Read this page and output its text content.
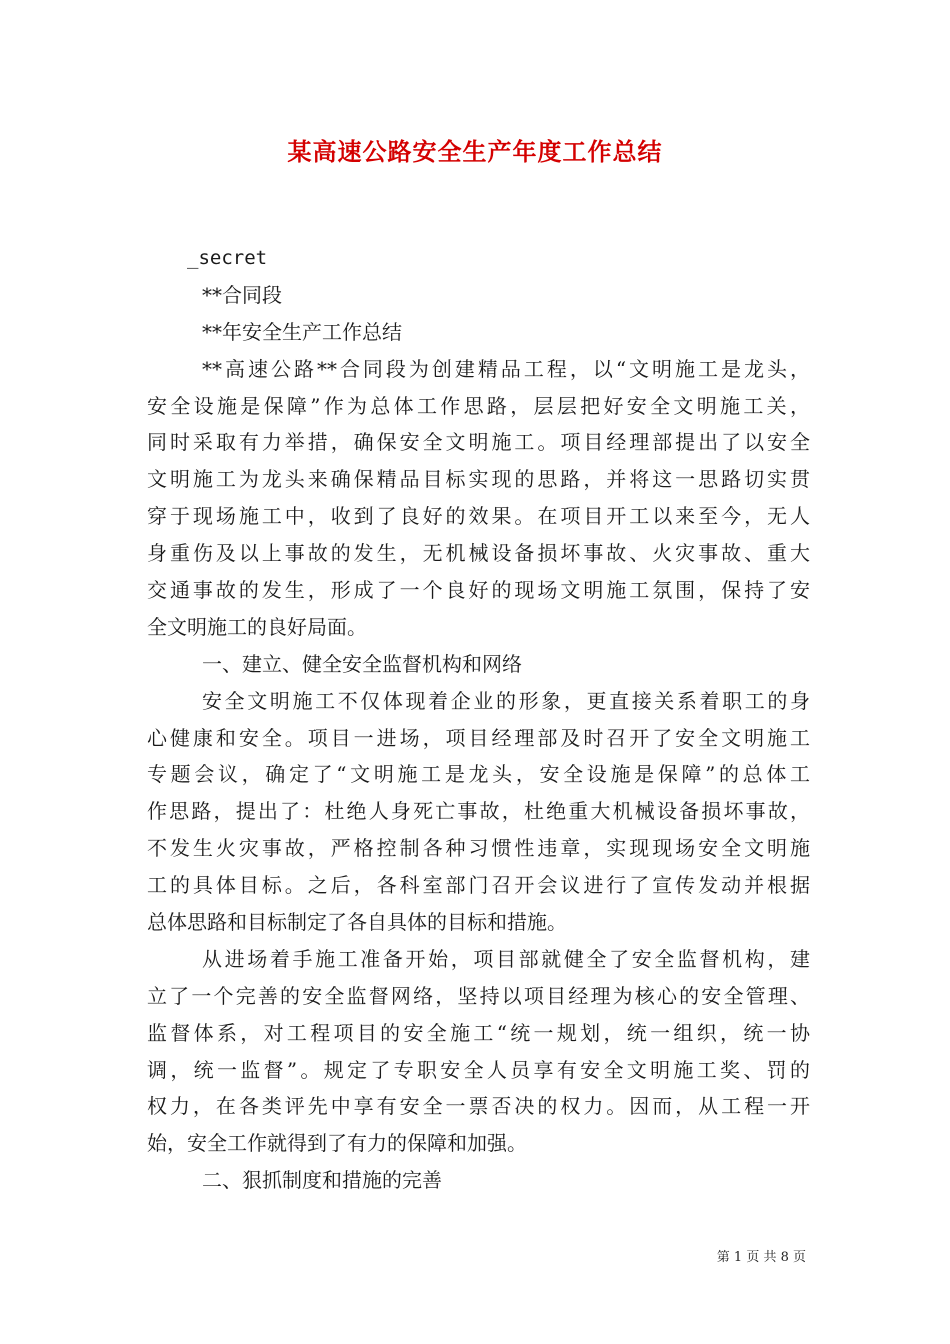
某高速公路安全生产年度工作总结
_secret
**合同段
**年安全生产工作总结
**高速公路**合同段为创建精品工程，以“文明施工是龙头，
安全设施是保障”作为总体工作思路，层层把好安全文明施工关，
同时采取有力举措，确保安全文明施工。项目经理部提出了以安全
文明施工为龙头来确保精品目标实现的思路，并将这一思路切实贯
穿于现场施工中，收到了良好的效果。在项目开工以来至今，无人
身重伤及以上事故的发生，无机械设备损坏事故、火灾事故、重大
交通事故的发生，形成了一个良好的现场文明施工氛围，保持了安
全文明施工的良好局面。
一、建立、健全安全监督机构和网络
安全文明施工不仅体现着企业的形象，更直接关系着职工的身
心健康和安全。项目一进场，项目经理部及时召开了安全文明施工
专题会议，确定了“文明施工是龙头，安全设施是保障”的总体工
作思路，提出了：杜绝人身死亡事故，杜绝重大机械设备损坏事故，
不发生火灾事故，严格控制各种习惯性违章，实现现场安全文明施
工的具体目标。之后，各科室部门召开会议进行了宣传发动并根据
总体思路和目标制定了各自具体的目标和措施。
从进场着手施工准备开始，项目部就健全了安全监督机构，建
立了一个完善的安全监督网络，坚持以项目经理为核心的安全管理、
监督体系，对工程项目的安全施工“统一规划，统一组织，统一协
调，统一监督”。规定了专职安全人员享有安全文明施工奖、罚的
权力，在各类评先中享有安全一票否决的权力。因而，从工程一开
始，安全工作就得到了有力的保障和加强。
二、狠抓制度和措施的完善
第 1 页 共 8 页
